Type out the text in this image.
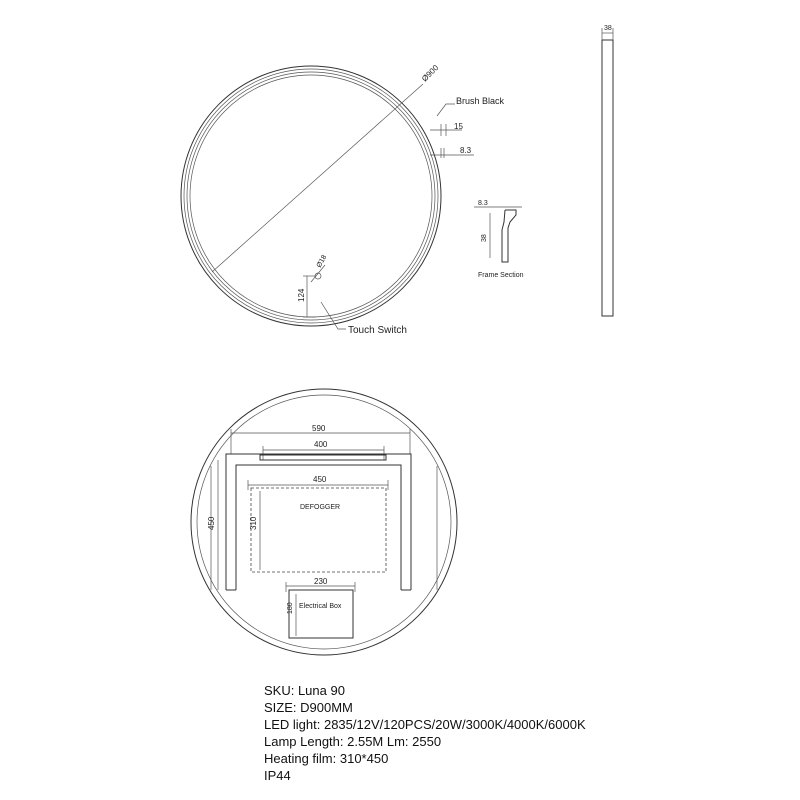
Ø900
Brush Black
15
8.3
Ø18
124
Touch Switch
38
8.3
38
Frame Section
590
400
450
450
310
DEFOGGER
230
180 Electrical Box
SKU: Luna 90
SIZE: D900MM
LED light: 2835/12V/120PCS/20W/3000K/4000K/6000K
Lamp Length: 2.55M Lm: 2550
Heating film: 310*450
IP44
